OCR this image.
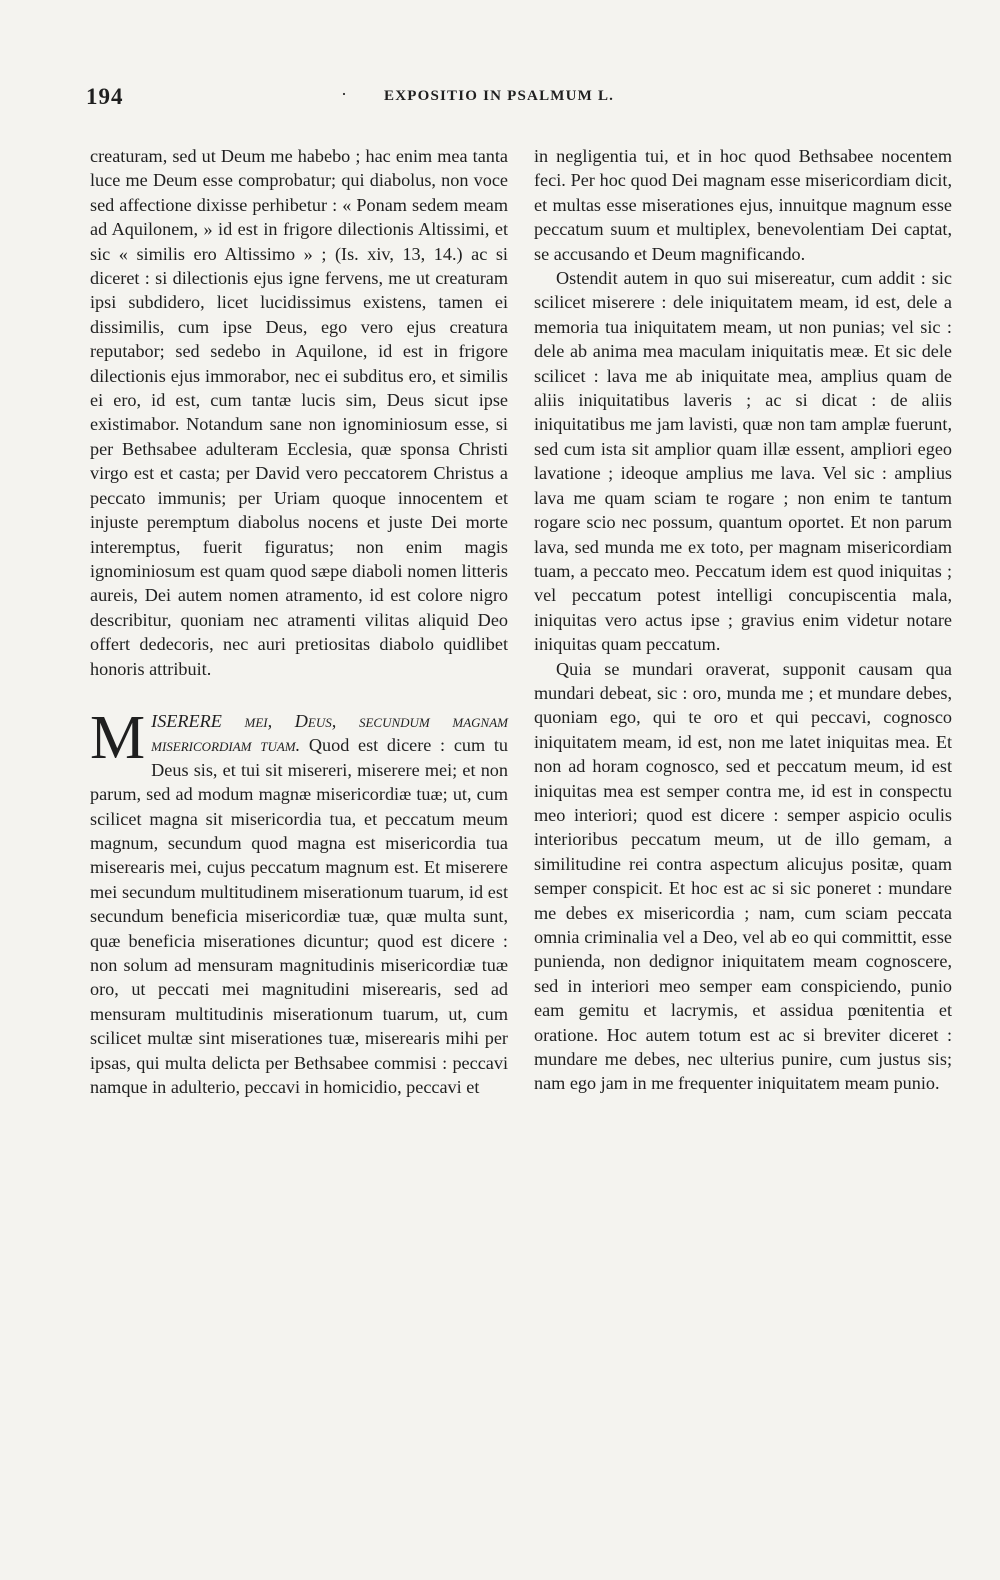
194	· EXPOSITIO IN PSALMUM L.

creaturam, sed ut Deum me habebo ; hac enim mea tanta luce me Deum esse comprobatur; qui diabolus, non voce sed affectione dixisse perhibetur : « Ponam sedem meam ad Aquilonem, » id est in frigore dilectionis Altissimi, et sic « similis ero Altissimo » ; (Is. xiv, 13, 14.) ac si diceret : si dilectionis ejus igne fervens, me ut creaturam ipsi subdidero, licet lucidissimus existens, tamen ei dissimilis, cum ipse Deus, ego vero ejus creatura reputabor; sed sedebo in Aquilone, id est in frigore dilectionis ejus immorabor, nec ei subditus ero, et similis ei ero, id est, cum tantæ lucis sim, Deus sicut ipse existimabor. Notandum sane non ignominiosum esse, si per Bethsabee adulteram Ecclesia, quæ sponsa Christi virgo est et casta; per David vero peccatorem Christus a peccato immunis; per Uriam quoque innocentem et injuste peremptum diabolus nocens et juste Dei morte interemptus, fuerit figuratus; non enim magis ignominiosum est quam quod sæpe diaboli nomen litteris aureis, Dei autem nomen atramento, id est colore nigro describitur, quoniam nec atramenti vilitas aliquid Deo offert dedecoris, nec auri pretiositas diabolo quidlibet honoris attribuit.

MISERERE mei, Deus, secundum magnam misericordiam tuam. Quod est dicere : cum tu Deus sis, et tui sit misereri, miserere mei; et non parum, sed ad modum magnæ misericordiæ tuæ; ut, cum scilicet magna sit misericordia tua, et peccatum meum magnum, secundum quod magna est misericordia tua miserearis mei, cujus peccatum magnum est. Et miserere mei secundum multitudinem miserationum tuarum, id est secundum beneficia misericordiæ tuæ, quæ multa sunt, quæ beneficia miserationes dicuntur; quod est dicere : non solum ad mensuram magnitudinis misericordiæ tuæ oro, ut peccati mei magnitudini miserearis, sed ad mensuram multitudinis miserationum tuarum, ut, cum scilicet multæ sint miserationes tuæ, miserearis mihi per ipsas, qui multa delicta per Bethsabee commisi : peccavi namque in adulterio, peccavi in homicidio, peccavi et

in negligentia tui, et in hoc quod Bethsabee nocentem feci. Per hoc quod Dei magnam esse misericordiam dicit, et multas esse miserationes ejus, innuitque magnum esse peccatum suum et multiplex, benevolentiam Dei captat, se accusando et Deum magnificando.

Ostendit autem in quo sui misereatur, cum addit : sic scilicet miserere : dele iniquitatem meam, id est, dele a memoria tua iniquitatem meam, ut non punias; vel sic : dele ab anima mea maculam iniquitatis meæ. Et sic dele scilicet : lava me ab iniquitate mea, amplius quam de aliis iniquitatibus laveris ; ac si dicat : de aliis iniquitatibus me jam lavisti, quæ non tam amplæ fuerunt, sed cum ista sit amplior quam illæ essent, ampliori egeo lavatione ; ideoque amplius me lava. Vel sic : amplius lava me quam sciam te rogare ; non enim te tantum rogare scio nec possum, quantum oportet. Et non parum lava, sed munda me ex toto, per magnam misericordiam tuam, a peccato meo. Peccatum idem est quod iniquitas ; vel peccatum potest intelligi concupiscentia mala, iniquitas vero actus ipse ; gravius enim videtur notare iniquitas quam peccatum.

Quia se mundari oraverat, supponit causam qua mundari debeat, sic : oro, munda me ; et mundare debes, quoniam ego, qui te oro et qui peccavi, cognosco iniquitatem meam, id est, non me latet iniquitas mea. Et non ad horam cognosco, sed et peccatum meum, id est iniquitas mea est semper contra me, id est in conspectu meo interiori; quod est dicere : semper aspicio oculis interioribus peccatum meum, ut de illo gemam, a similitudine rei contra aspectum alicujus positæ, quam semper conspicit. Et hoc est ac si sic poneret : mundare me debes ex misericordia ; nam, cum sciam peccata omnia criminalia vel a Deo, vel ab eo qui committit, esse punienda, non dedignor iniquitatem meam cognoscere, sed in interiori meo semper eam conspiciendo, punio eam gemitu et lacrymis, et assidua pœnitentia et oratione. Hoc autem totum est ac si breviter diceret : mundare me debes, nec ulterius punire, cum justus sis; nam ego jam in me frequenter iniquitatem meam punio.
